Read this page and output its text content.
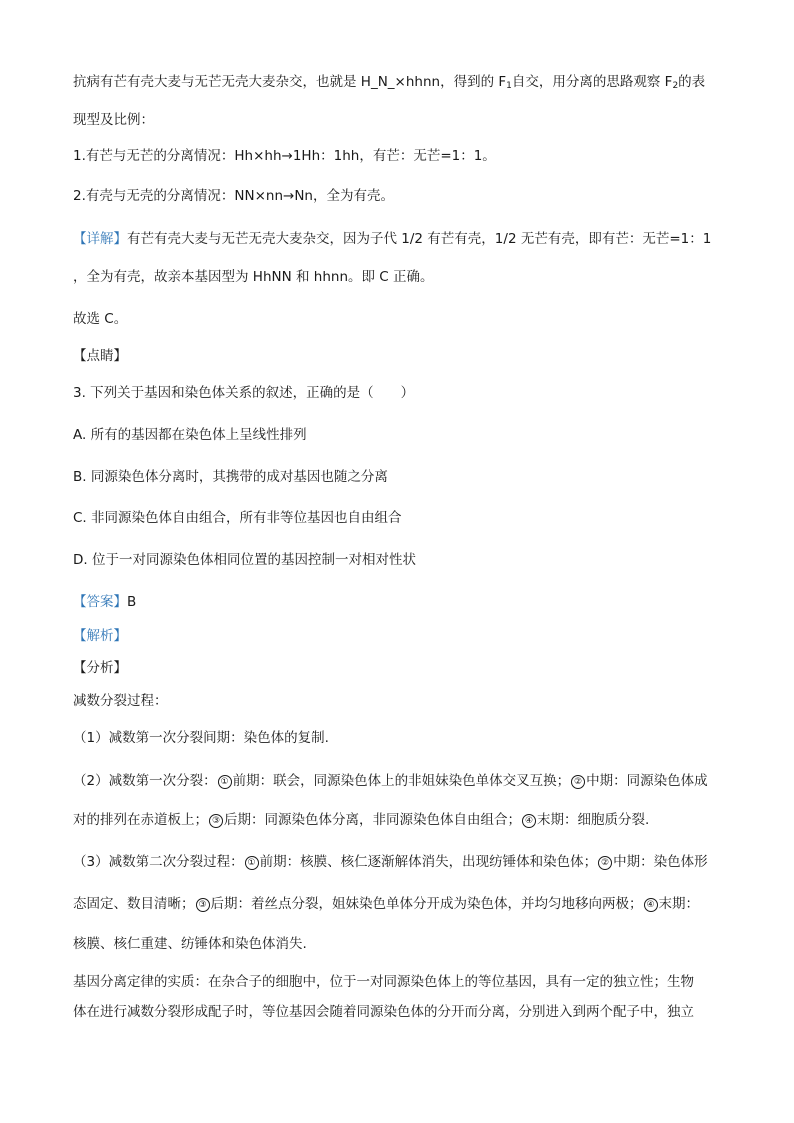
抗病有芒有壳大麦与无芒无壳大麦杂交，也就是 H_N_×hhnn，得到的 $F_1$自交，用分离的思路观察 $F_2$的表
现型及比例：
1.有芒与无芒的分离情况：Hh×hh→1Hh：1hh，有芒：无芒=1：1。
2.有壳与无壳的分离情况：NN×nn→Nn，全为有壳。
【详解】有芒有壳大麦与无芒无壳大麦杂交，因为子代 1/2 有芒有壳，1/2 无芒有壳，即有芒：无芒=1：1
，全为有壳，故亲本基因型为 HhNN 和 hhnn。即 C 正确。
故选 C。
【点睛】
3. 下列关于基因和染色体关系的叙述，正确的是（　　）
A. 所有的基因都在染色体上呈线性排列
B. 同源染色体分离时，其携带的成对基因也随之分离
C. 非同源染色体自由组合，所有非等位基因也自由组合
D. 位于一对同源染色体相同位置的基因控制一对相对性状
【答案】B
【解析】
【分析】
减数分裂过程：
（1）减数第一次分裂间期：染色体的复制.
（2）减数第一次分裂： ① 前期：联会，同源染色体上的非姐妹染色单体交叉互换； ② 中期：同源染色体成
对的排列在赤道板上； ③ 后期：同源染色体分离，非同源染色体自由组合； ④ 末期：细胞质分裂.
（3）减数第二次分裂过程： ① 前期：核膜、核仁逐渐解体消失，出现纺锤体和染色体； ② 中期：染色体形
态固定、数目清晰； ③ 后期：着丝点分裂，姐妹染色单体分开成为染色体，并均匀地移向两极； ④ 末期：
核膜、核仁重建、纺锤体和染色体消失.
基因分离定律的实质：在杂合子的细胞中，位于一对同源染色体上的等位基因，具有一定的独立性；生物
体在进行减数分裂形成配子时，等位基因会随着同源染色体的分开而分离，分别进入到两个配子中，独立
